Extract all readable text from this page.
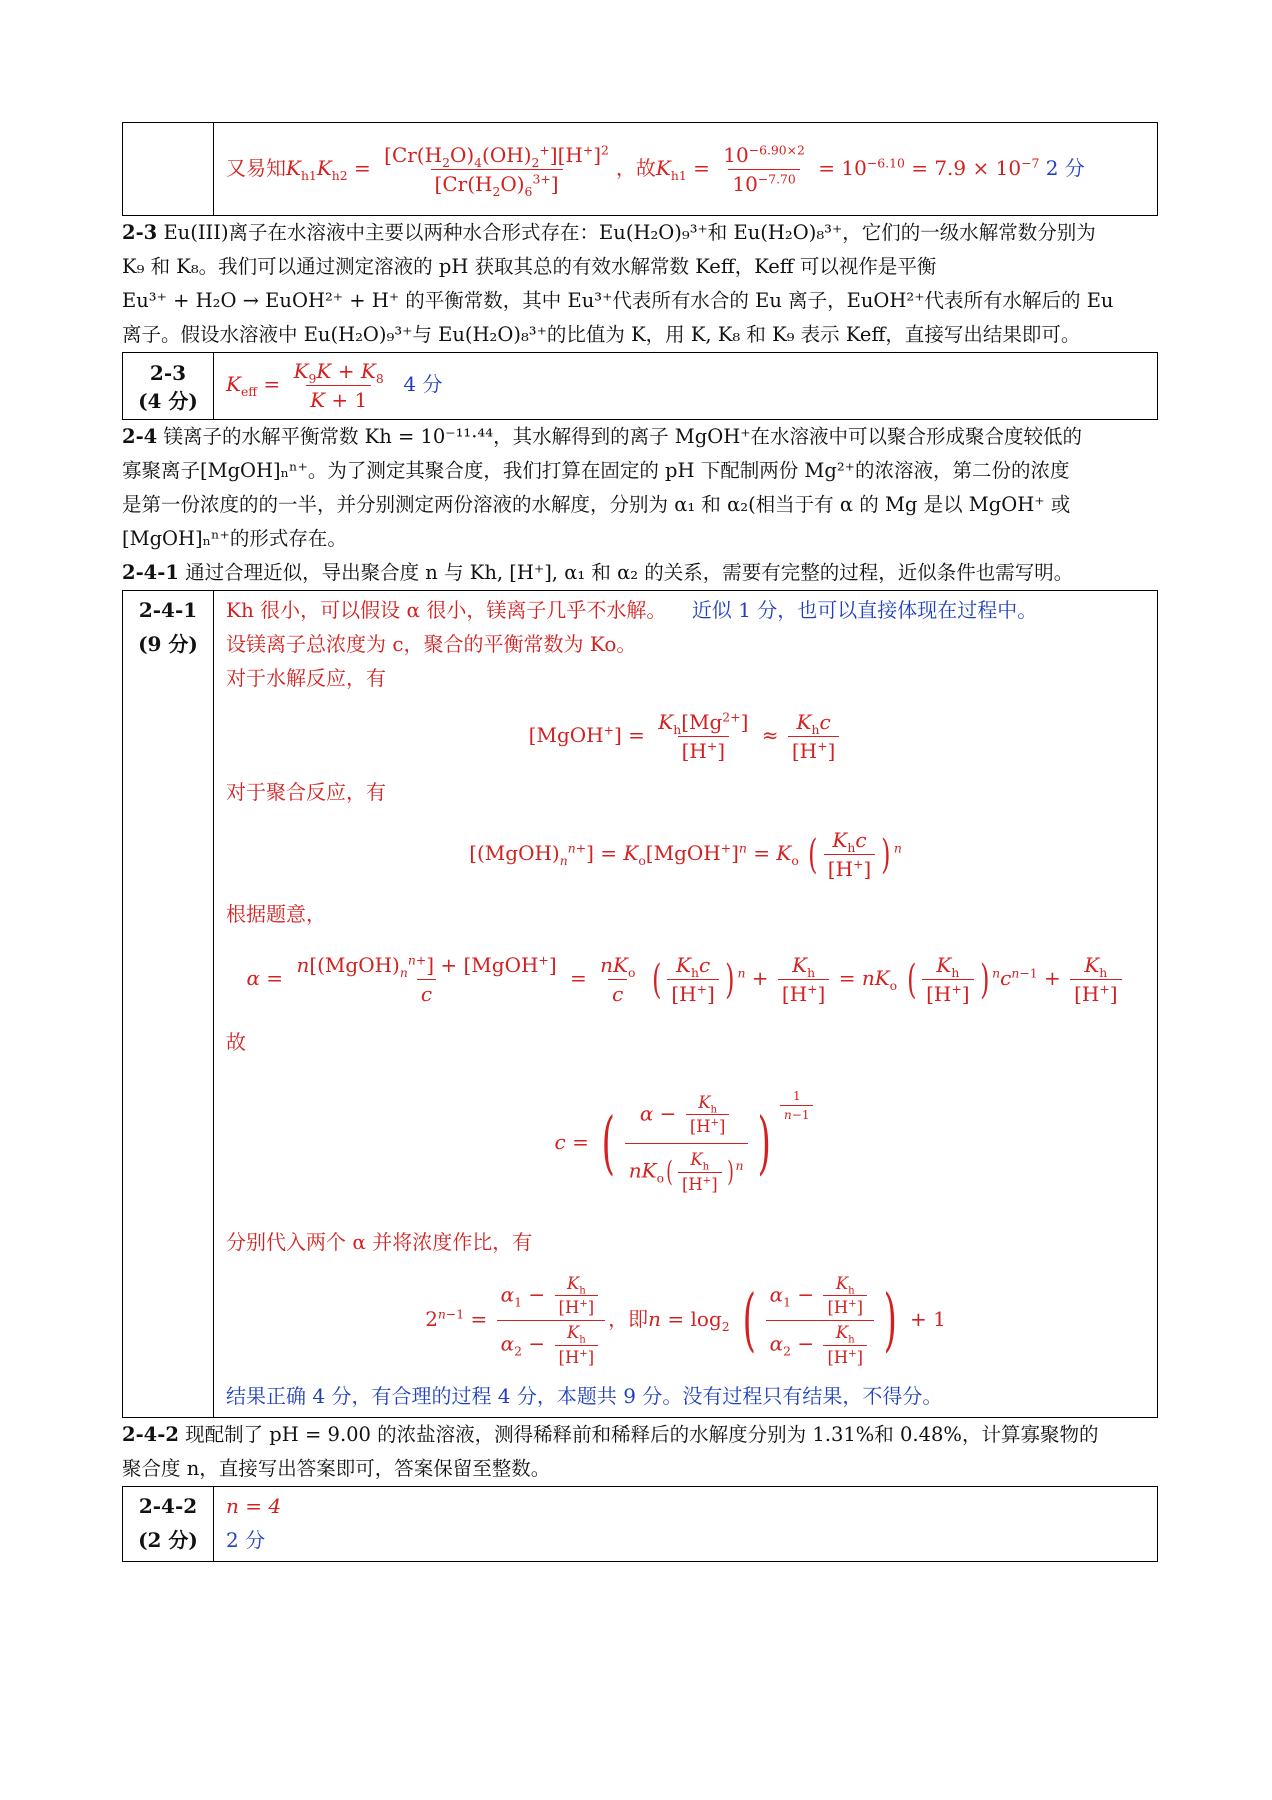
	又易知$K_{h1}K_{h2} = \frac{[Cr(H_2O)_4(OH)_2^+][H^+]^2}{[Cr(H_2O)_6^{3+}]}$ ，故$K_{h1} = \frac{10^{-6.90\times 2}}{10^{-7.70}} = 10^{-6.10} = 7.9 \times 10^{-7}$ 2 分

2-3 Eu(III)离子在水溶液中主要以两种水合形式存在：Eu(H₂O)₉³⁺和 Eu(H₂O)₈³⁺，它们的一级水解常数分别为

K₉ 和 K₈。我们可以通过测定溶液的 pH 获取其总的有效水解常数 Keff，Keff 可以视作是平衡

Eu³⁺ + H₂O → EuOH²⁺ + H⁺ 的平衡常数，其中 Eu³⁺代表所有水合的 Eu 离子，EuOH²⁺代表所有水解后的 Eu

离子。假设水溶液中 Eu(H₂O)₉³⁺与 Eu(H₂O)₈³⁺的比值为 K，用 K, K₈ 和 K₉ 表示 Keff，直接写出结果即可。

2-3
(4 分)
	$K_{eff} = \frac{K_9K + K_8}{K + 1} 4$ 分

2-4 镁离子的水解平衡常数 Kh = 10⁻¹¹·⁴⁴，其水解得到的离子 MgOH⁺在水溶液中可以聚合形成聚合度较低的

寡聚离子[MgOH]ₙⁿ⁺。为了测定其聚合度，我们打算在固定的 pH 下配制两份 Mg²⁺的浓溶液，第二份的浓度

是第一份浓度的的一半，并分别测定两份溶液的水解度，分别为 α₁ 和 α₂(相当于有 α 的 Mg 是以 MgOH⁺ 或

[MgOH]ₙⁿ⁺的形式存在。

2-4-1 通过合理近似，导出聚合度 n 与 Kh, [H⁺], α₁ 和 α₂ 的关系，需要有完整的过程，近似条件也需写明。

2-4-1
(9 分)

Kh 很小，可以假设 α 很小，镁离子几乎不水解。 近似 1 分，也可以直接体现在过程中。
设镁离子总浓度为 c，聚合的平衡常数为 Ko。
对于水解反应，有
[MgOH+] = $\frac{K_h[Mg^{2+}]}{[H^+]} \approx \frac{K_hc}{[H^+]}$
对于聚合反应，有
$[(MgOH)_n^{n+}]$ = $K_o[MgOH^+]^n = K_o$ ( $\frac{K_hc}{[H^+]}$ ) $^n$
根据题意，
$\alpha = \frac{n[(MgOH)_n^{n+}] + [MgOH^+]}{c} = \frac{nK_o}{c}$ ( $\frac{K_hc}{[H^+]}$ ) $^n + \frac{K_h}{[H^+]} = nK_o$ ( $\frac{K_h}{[H^+]}$ ) $^nc^{n-1} + \frac{K_h}{[H^+]}$
故
c = ( $\frac{\alpha - \frac{K_h}{[H^+]}}{nK_o( \frac{K_h}{[H^+]} ) ^n}$ ) $^{\frac{1}{n-1}}$
分别代入两个 α 并将浓度作比，有
$2^{n-1} = \frac{\alpha_1 - \frac{K_h}{[H^+]}}{\alpha_2 - \frac{K_h}{[H^+]}}$ ，即$n = \log_2$ ( $\frac{\alpha_1 - \frac{K_h}{[H^+]}}{\alpha_2 - \frac{K_h}{[H^+]}}$ ) + 1
结果正确 4 分，有合理的过程 4 分，本题共 9 分。没有过程只有结果，不得分。

2-4-2 现配制了 pH = 9.00 的浓盐溶液，测得稀释前和稀释后的水解度分别为 1.31%和 0.48%，计算寡聚物的

聚合度 n，直接写出答案即可，答案保留至整数。

2-4-2
(2 分)

n = 4
2 分
